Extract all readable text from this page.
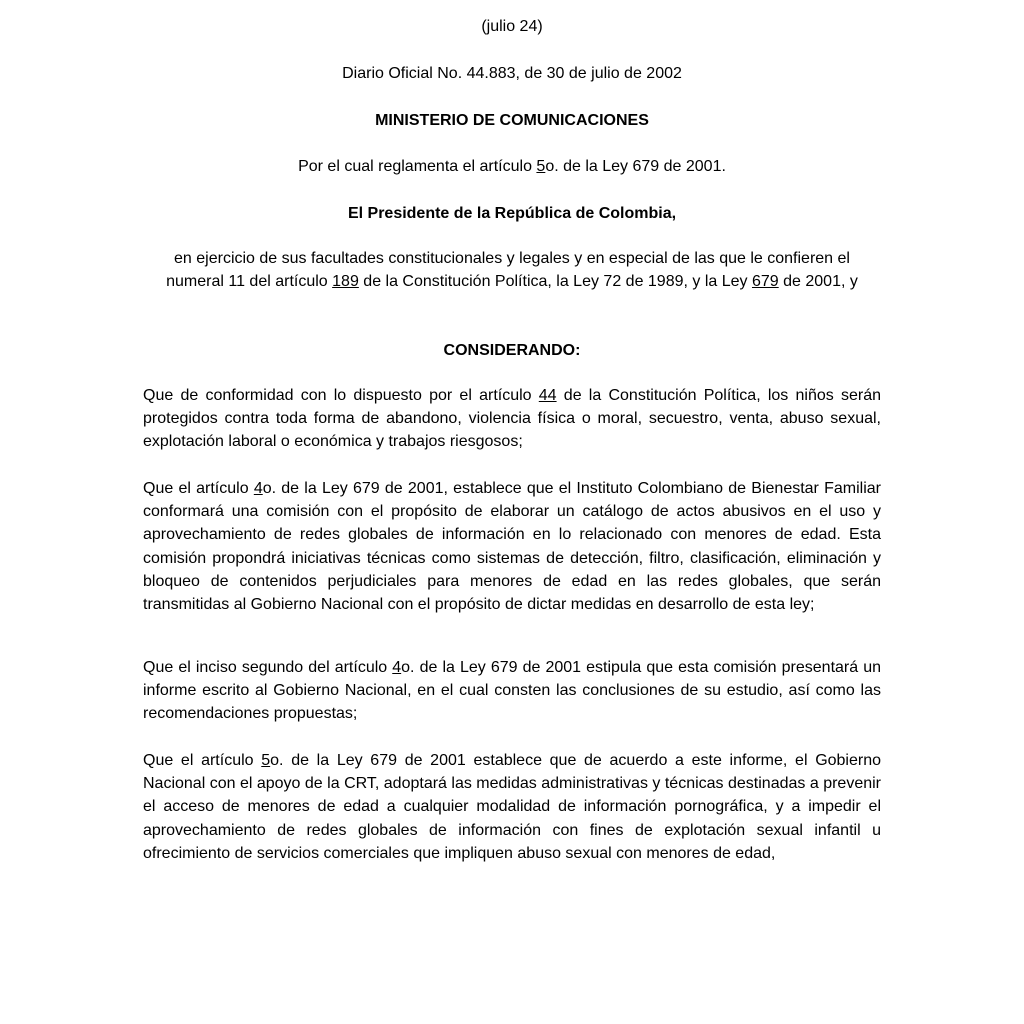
(julio 24)

Diario Oficial No. 44.883, de 30 de julio de 2002

MINISTERIO DE COMUNICACIONES

Por el cual reglamenta el artículo 5o. de la Ley 679 de 2001.

El Presidente de la República de Colombia,

en ejercicio de sus facultades constitucionales y legales y en especial de las que le confieren el numeral 11 del artículo 189 de la Constitución Política, la Ley 72 de 1989, y la Ley 679 de 2001, y

CONSIDERANDO:

Que de conformidad con lo dispuesto por el artículo 44 de la Constitución Política, los niños serán protegidos contra toda forma de abandono, violencia física o moral, secuestro, venta, abuso sexual, explotación laboral o económica y trabajos riesgosos;

Que el artículo 4o. de la Ley 679 de 2001, establece que el Instituto Colombiano de Bienestar Familiar conformará una comisión con el propósito de elaborar un catálogo de actos abusivos en el uso y aprovechamiento de redes globales de información en lo relacionado con menores de edad. Esta comisión propondrá iniciativas técnicas como sistemas de detección, filtro, clasificación, eliminación y bloqueo de contenidos perjudiciales para menores de edad en las redes globales, que serán transmitidas al Gobierno Nacional con el propósito de dictar medidas en desarrollo de esta ley;

Que el inciso segundo del artículo 4o. de la Ley 679 de 2001 estipula que esta comisión presentará un informe escrito al Gobierno Nacional, en el cual consten las conclusiones de su estudio, así como las recomendaciones propuestas;

Que el artículo 5o. de la Ley 679 de 2001 establece que de acuerdo a este informe, el Gobierno Nacional con el apoyo de la CRT, adoptará las medidas administrativas y técnicas destinadas a prevenir el acceso de menores de edad a cualquier modalidad de información pornográfica, y a impedir el aprovechamiento de redes globales de información con fines de explotación sexual infantil u ofrecimiento de servicios comerciales que impliquen abuso sexual con menores de edad,
